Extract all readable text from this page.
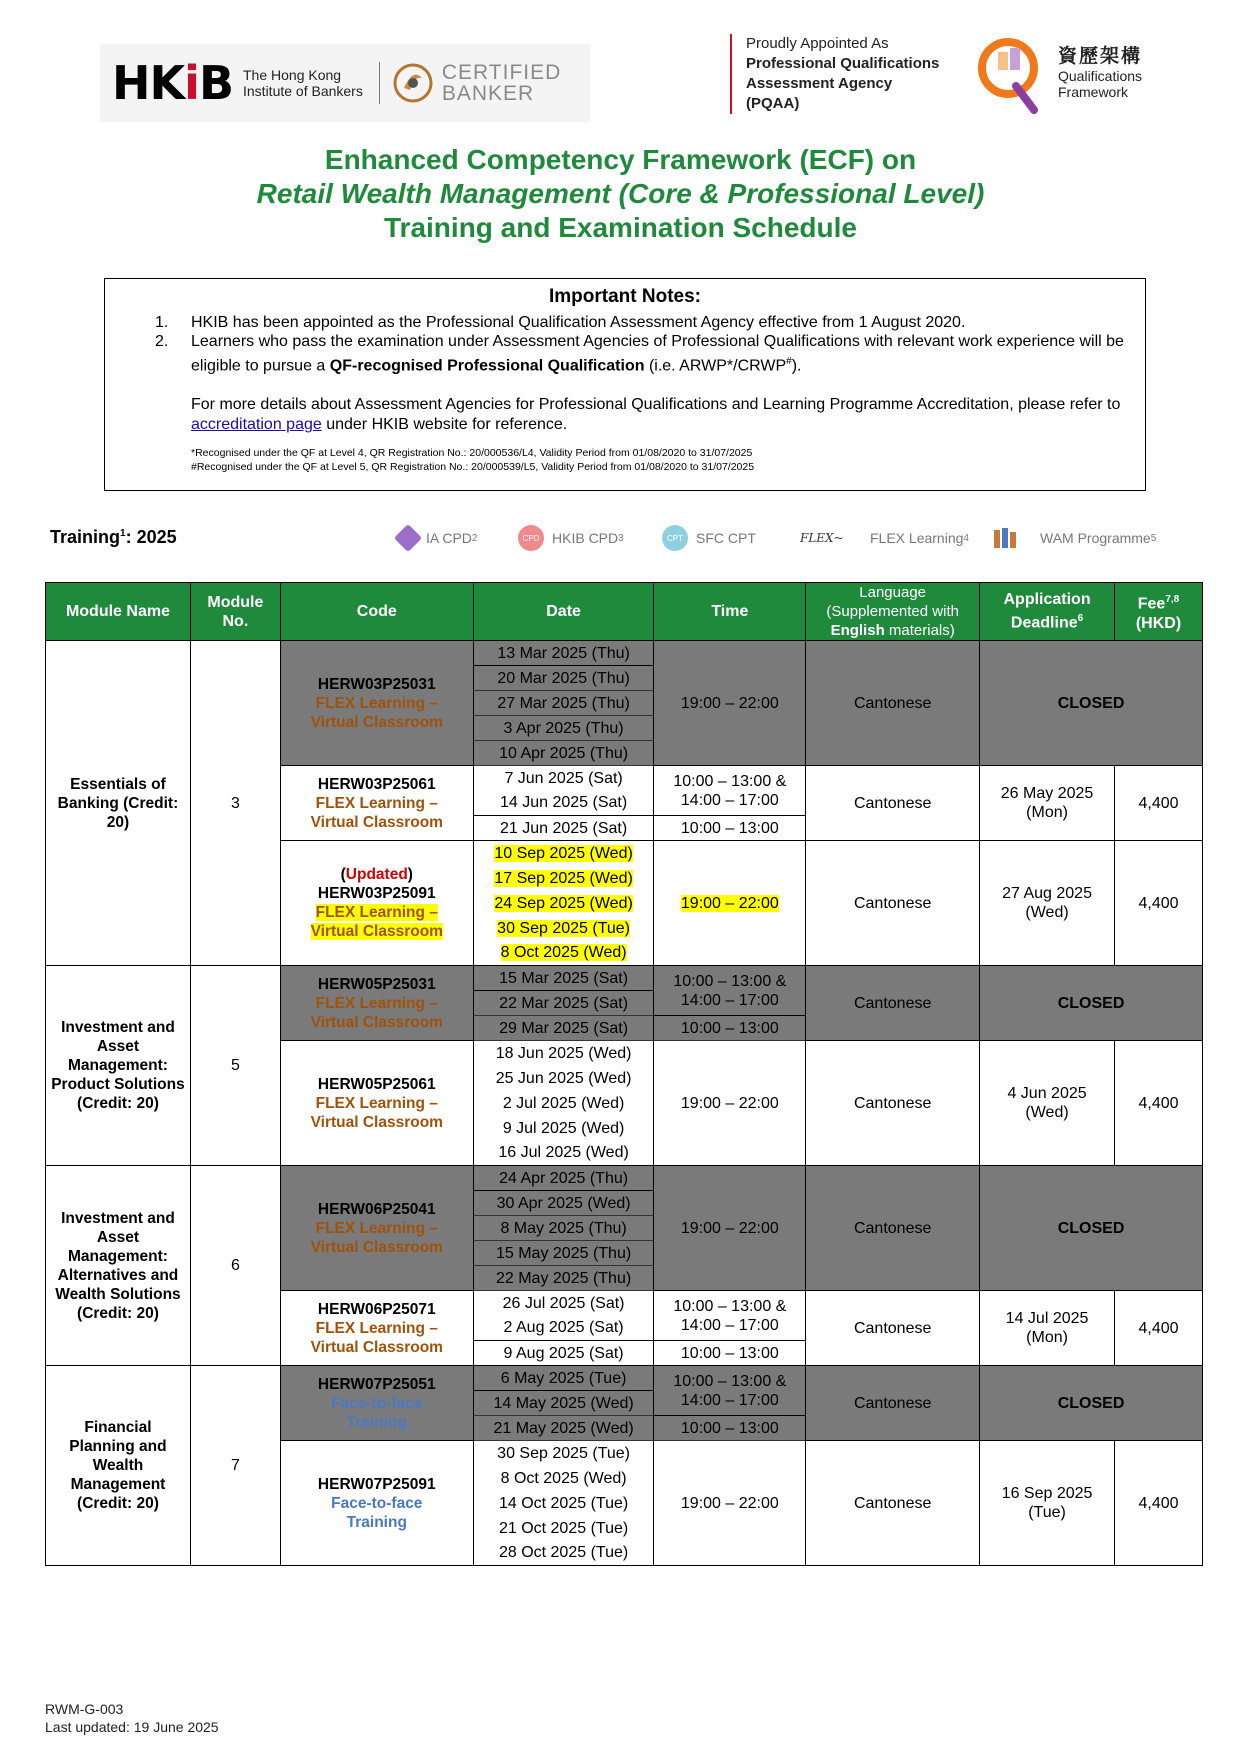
HKiB The Hong Kong
Institute of Bankers
CERTIFIED
BANKER
Proudly Appointed As
Professional Qualifications
Assessment Agency
(PQAA)
資歷架構
Qualifications
Framework
Enhanced Competency Framework (ECF) on
Retail Wealth Management (Core & Professional Level)
Training and Examination Schedule
Important Notes:
1.	HKIB has been appointed as the Professional Qualification Assessment Agency effective from 1 August 2020.
2.	Learners who pass the examination under Assessment Agencies of Professional Qualifications with relevant work experience will be eligible to pursue a QF-recognised Professional Qualification (i.e. ARWP*/CRWP#).
For more details about Assessment Agencies for Professional Qualifications and Learning Programme Accreditation, please refer to accreditation page under HKIB website for reference.
*Recognised under the QF at Level 4, QR Registration No.: 20/000536/L4, Validity Period from 01/08/2020 to 31/07/2025
#Recognised under the QF at Level 5, QR Registration No.: 20/000539/L5, Validity Period from 01/08/2020 to 31/07/2025
Training$^1$: 2025	IA CPD 2	CPD HKIB CPD 3	CPT SFC CPT	FLEX~	FLEX Learning 4	WAM Programme 5
Module Name	Module No.	Code	Date	Time	Language (Supplemented with English materials)	Application Deadline$^6$	Fee$^{7,8}$
(HKD)
Essentials of Banking (Credit: 20)	3	HERW03P25031
FLEX Learning –
Virtual Classroom	13 Mar 2025 (Thu)	19:00 – 22:00	Cantonese	CLOSED	
			20 Mar 2025 (Thu)				
			27 Mar 2025 (Thu)				
			3 Apr 2025 (Thu)				
			10 Apr 2025 (Thu)				

		HERW03P25061
FLEX Learning –
Virtual Classroom	7 Jun 2025 (Sat)	10:00 – 13:00 & 14:00 – 17:00	Cantonese	26 May 2025 (Mon)	4,400
			14 Jun 2025 (Sat)				
			21 Jun 2025 (Sat)	10:00 – 13:00			

		(Updated)
HERW03P25091
FLEX Learning –
Virtual Classroom	10 Sep 2025 (Wed)	19:00 – 22:00	Cantonese	27 Aug 2025 (Wed)	4,400
			17 Sep 2025 (Wed)				
			24 Sep 2025 (Wed)				
			30 Sep 2025 (Tue)				
			8 Oct 2025 (Wed)				
Investment and Asset Management: Product Solutions (Credit: 20)	5	HERW05P25031
FLEX Learning –
Virtual Classroom	15 Mar 2025 (Sat)	10:00 – 13:00 & 14:00 – 17:00	Cantonese	CLOSED	
			22 Mar 2025 (Sat)				
			29 Mar 2025 (Sat)	10:00 – 13:00			

		HERW05P25061
FLEX Learning –
Virtual Classroom	18 Jun 2025 (Wed)	19:00 – 22:00	Cantonese	4 Jun 2025 (Wed)	4,400
			25 Jun 2025 (Wed)				
			2 Jul 2025 (Wed)				
			9 Jul 2025 (Wed)				
			16 Jul 2025 (Wed)				
Investment and Asset Management: Alternatives and Wealth Solutions (Credit: 20)	6	HERW06P25041
FLEX Learning –
Virtual Classroom	24 Apr 2025 (Thu)	19:00 – 22:00	Cantonese	CLOSED	
			30 Apr 2025 (Wed)				
			8 May 2025 (Thu)				
			15 May 2025 (Thu)				
			22 May 2025 (Thu)				

		HERW06P25071
FLEX Learning –
Virtual Classroom	26 Jul 2025 (Sat)	10:00 – 13:00 & 14:00 – 17:00	Cantonese	14 Jul 2025 (Mon)	4,400
			2 Aug 2025 (Sat)				
			9 Aug 2025 (Sat)	10:00 – 13:00			
Financial Planning and Wealth Management (Credit: 20)	7	HERW07P25051
Face-to-face
Training	6 May 2025 (Tue)	10:00 – 13:00 & 14:00 – 17:00	Cantonese	CLOSED	
			14 May 2025 (Wed)				
			21 May 2025 (Wed)	10:00 – 13:00			

		HERW07P25091
Face-to-face
Training	30 Sep 2025 (Tue)	19:00 – 22:00	Cantonese	16 Sep 2025 (Tue)	4,400
			8 Oct 2025 (Wed)				
			14 Oct 2025 (Tue)				
			21 Oct 2025 (Tue)				
			28 Oct 2025 (Tue)				
RWM-G-003
Last updated: 19 June 2025
